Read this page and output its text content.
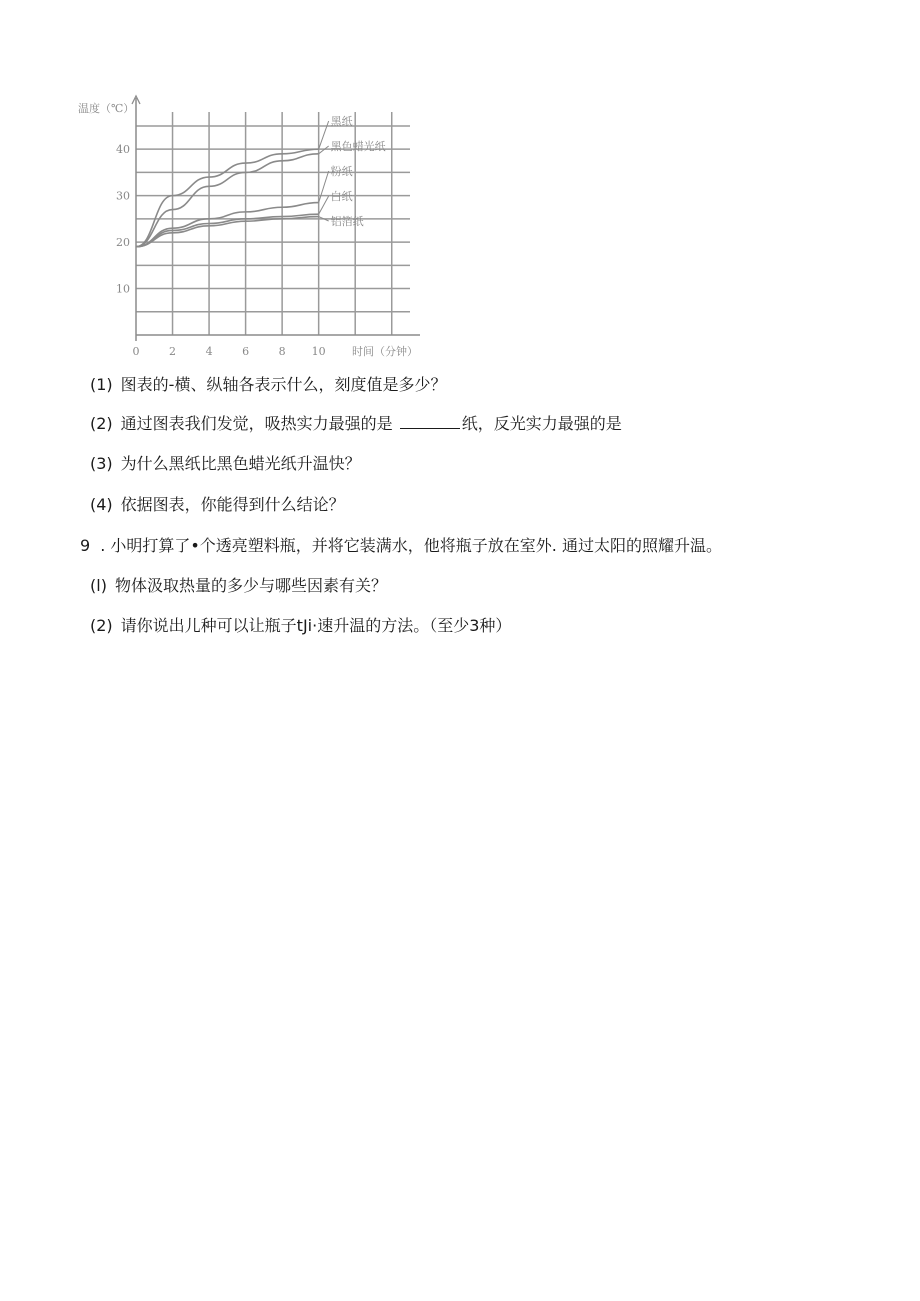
0	2	4	6	8 10
10
20
30
40
黑纸
黑色蜡光纸
粉纸
白纸
铝箔纸
温度（℃）
时间（分钟）
(1) 图表的-横、纵轴各表示什么，刻度值是多少？
(2) 通过图表我们发觉，吸热实力最强的是	纸，反光实力最强的是
(3) 为什么黑纸比黑色蜡光纸升温快？
(4) 依据图表，你能得到什么结论？
9 . 小明打算了•个透亮塑料瓶，并将它装满水，他将瓶子放在室外. 通过太阳的照耀升温。
(l) 物体汲取热量的多少与哪些因素有关？
(2) 请你说出儿种可以让瓶子tJi·速升温的方法。（至少3种）
